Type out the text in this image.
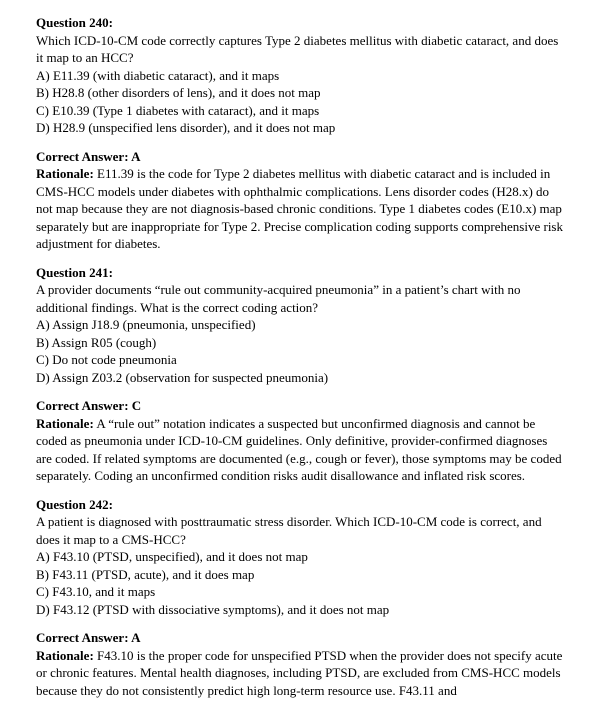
Question 240:
Which ICD-10-CM code correctly captures Type 2 diabetes mellitus with diabetic cataract, and does it map to an HCC?
A) E11.39 (with diabetic cataract), and it maps
B) H28.8 (other disorders of lens), and it does not map
C) E10.39 (Type 1 diabetes with cataract), and it maps
D) H28.9 (unspecified lens disorder), and it does not map

Correct Answer: A
Rationale: E11.39 is the code for Type 2 diabetes mellitus with diabetic cataract and is included in CMS-HCC models under diabetes with ophthalmic complications. Lens disorder codes (H28.x) do not map because they are not diagnosis-based chronic conditions. Type 1 diabetes codes (E10.x) map separately but are inappropriate for Type 2. Precise complication coding supports comprehensive risk adjustment for diabetes.

Question 241:
A provider documents “rule out community-acquired pneumonia” in a patient’s chart with no additional findings. What is the correct coding action?
A) Assign J18.9 (pneumonia, unspecified)
B) Assign R05 (cough)
C) Do not code pneumonia
D) Assign Z03.2 (observation for suspected pneumonia)

Correct Answer: C
Rationale: A “rule out” notation indicates a suspected but unconfirmed diagnosis and cannot be coded as pneumonia under ICD-10-CM guidelines. Only definitive, provider-confirmed diagnoses are coded. If related symptoms are documented (e.g., cough or fever), those symptoms may be coded separately. Coding an unconfirmed condition risks audit disallowance and inflated risk scores.

Question 242:
A patient is diagnosed with posttraumatic stress disorder. Which ICD-10-CM code is correct, and does it map to a CMS-HCC?
A) F43.10 (PTSD, unspecified), and it does not map
B) F43.11 (PTSD, acute), and it does map
C) F43.10, and it maps
D) F43.12 (PTSD with dissociative symptoms), and it does not map

Correct Answer: A
Rationale: F43.10 is the proper code for unspecified PTSD when the provider does not specify acute or chronic features. Mental health diagnoses, including PTSD, are excluded from CMS-HCC models because they do not consistently predict high long-term resource use. F43.11 and
